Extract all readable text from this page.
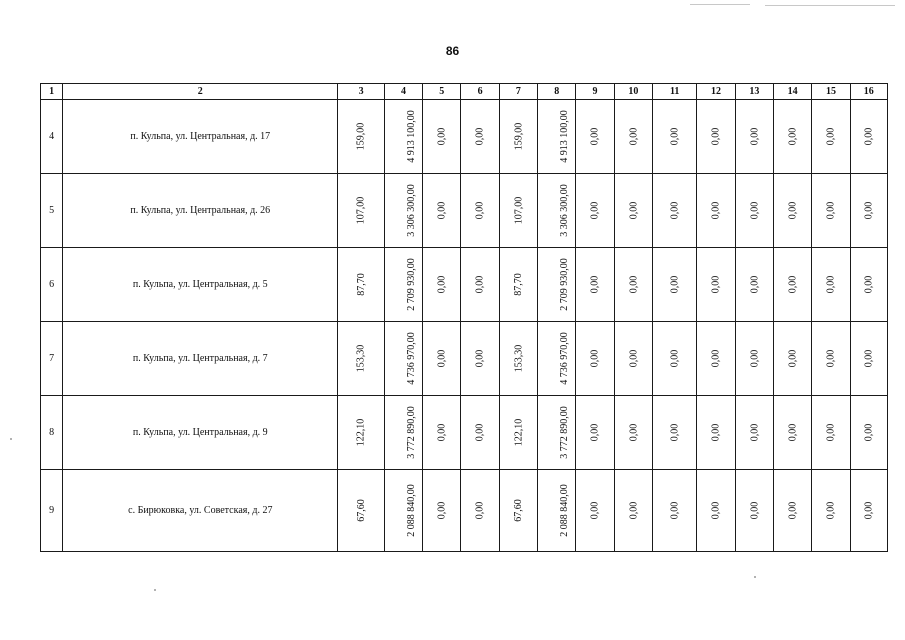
86
1	2	3	4	5	6	7	8	9	10	11	12	13	14	15	16
4	п. Кульпа, ул. Центральная, д. 17	159,00	4 913 100,00	0,00	0,00	159,00	4 913 100,00	0,00	0,00	0,00	0,00	0,00	0,00	0,00	0,00
5	п. Кульпа, ул. Центральная, д. 26	107,00	3 306 300,00	0,00	0,00	107,00	3 306 300,00	0,00	0,00	0,00	0,00	0,00	0,00	0,00	0,00
6	п. Кульпа, ул. Центральная, д. 5	87,70	2 709 930,00	0,00	0,00	87,70	2 709 930,00	0,00	0,00	0,00	0,00	0,00	0,00	0,00	0,00
7	п. Кульпа, ул. Центральная, д. 7	153,30	4 736 970,00	0,00	0,00	153,30	4 736 970,00	0,00	0,00	0,00	0,00	0,00	0,00	0,00	0,00
8	п. Кульпа, ул. Центральная, д. 9	122,10	3 772 890,00	0,00	0,00	122,10	3 772 890,00	0,00	0,00	0,00	0,00	0,00	0,00	0,00	0,00
9	с. Бирюковка, ул. Советская, д. 27	67,60	2 088 840,00	0,00	0,00	67,60	2 088 840,00	0,00	0,00	0,00	0,00	0,00	0,00	0,00	0,00
